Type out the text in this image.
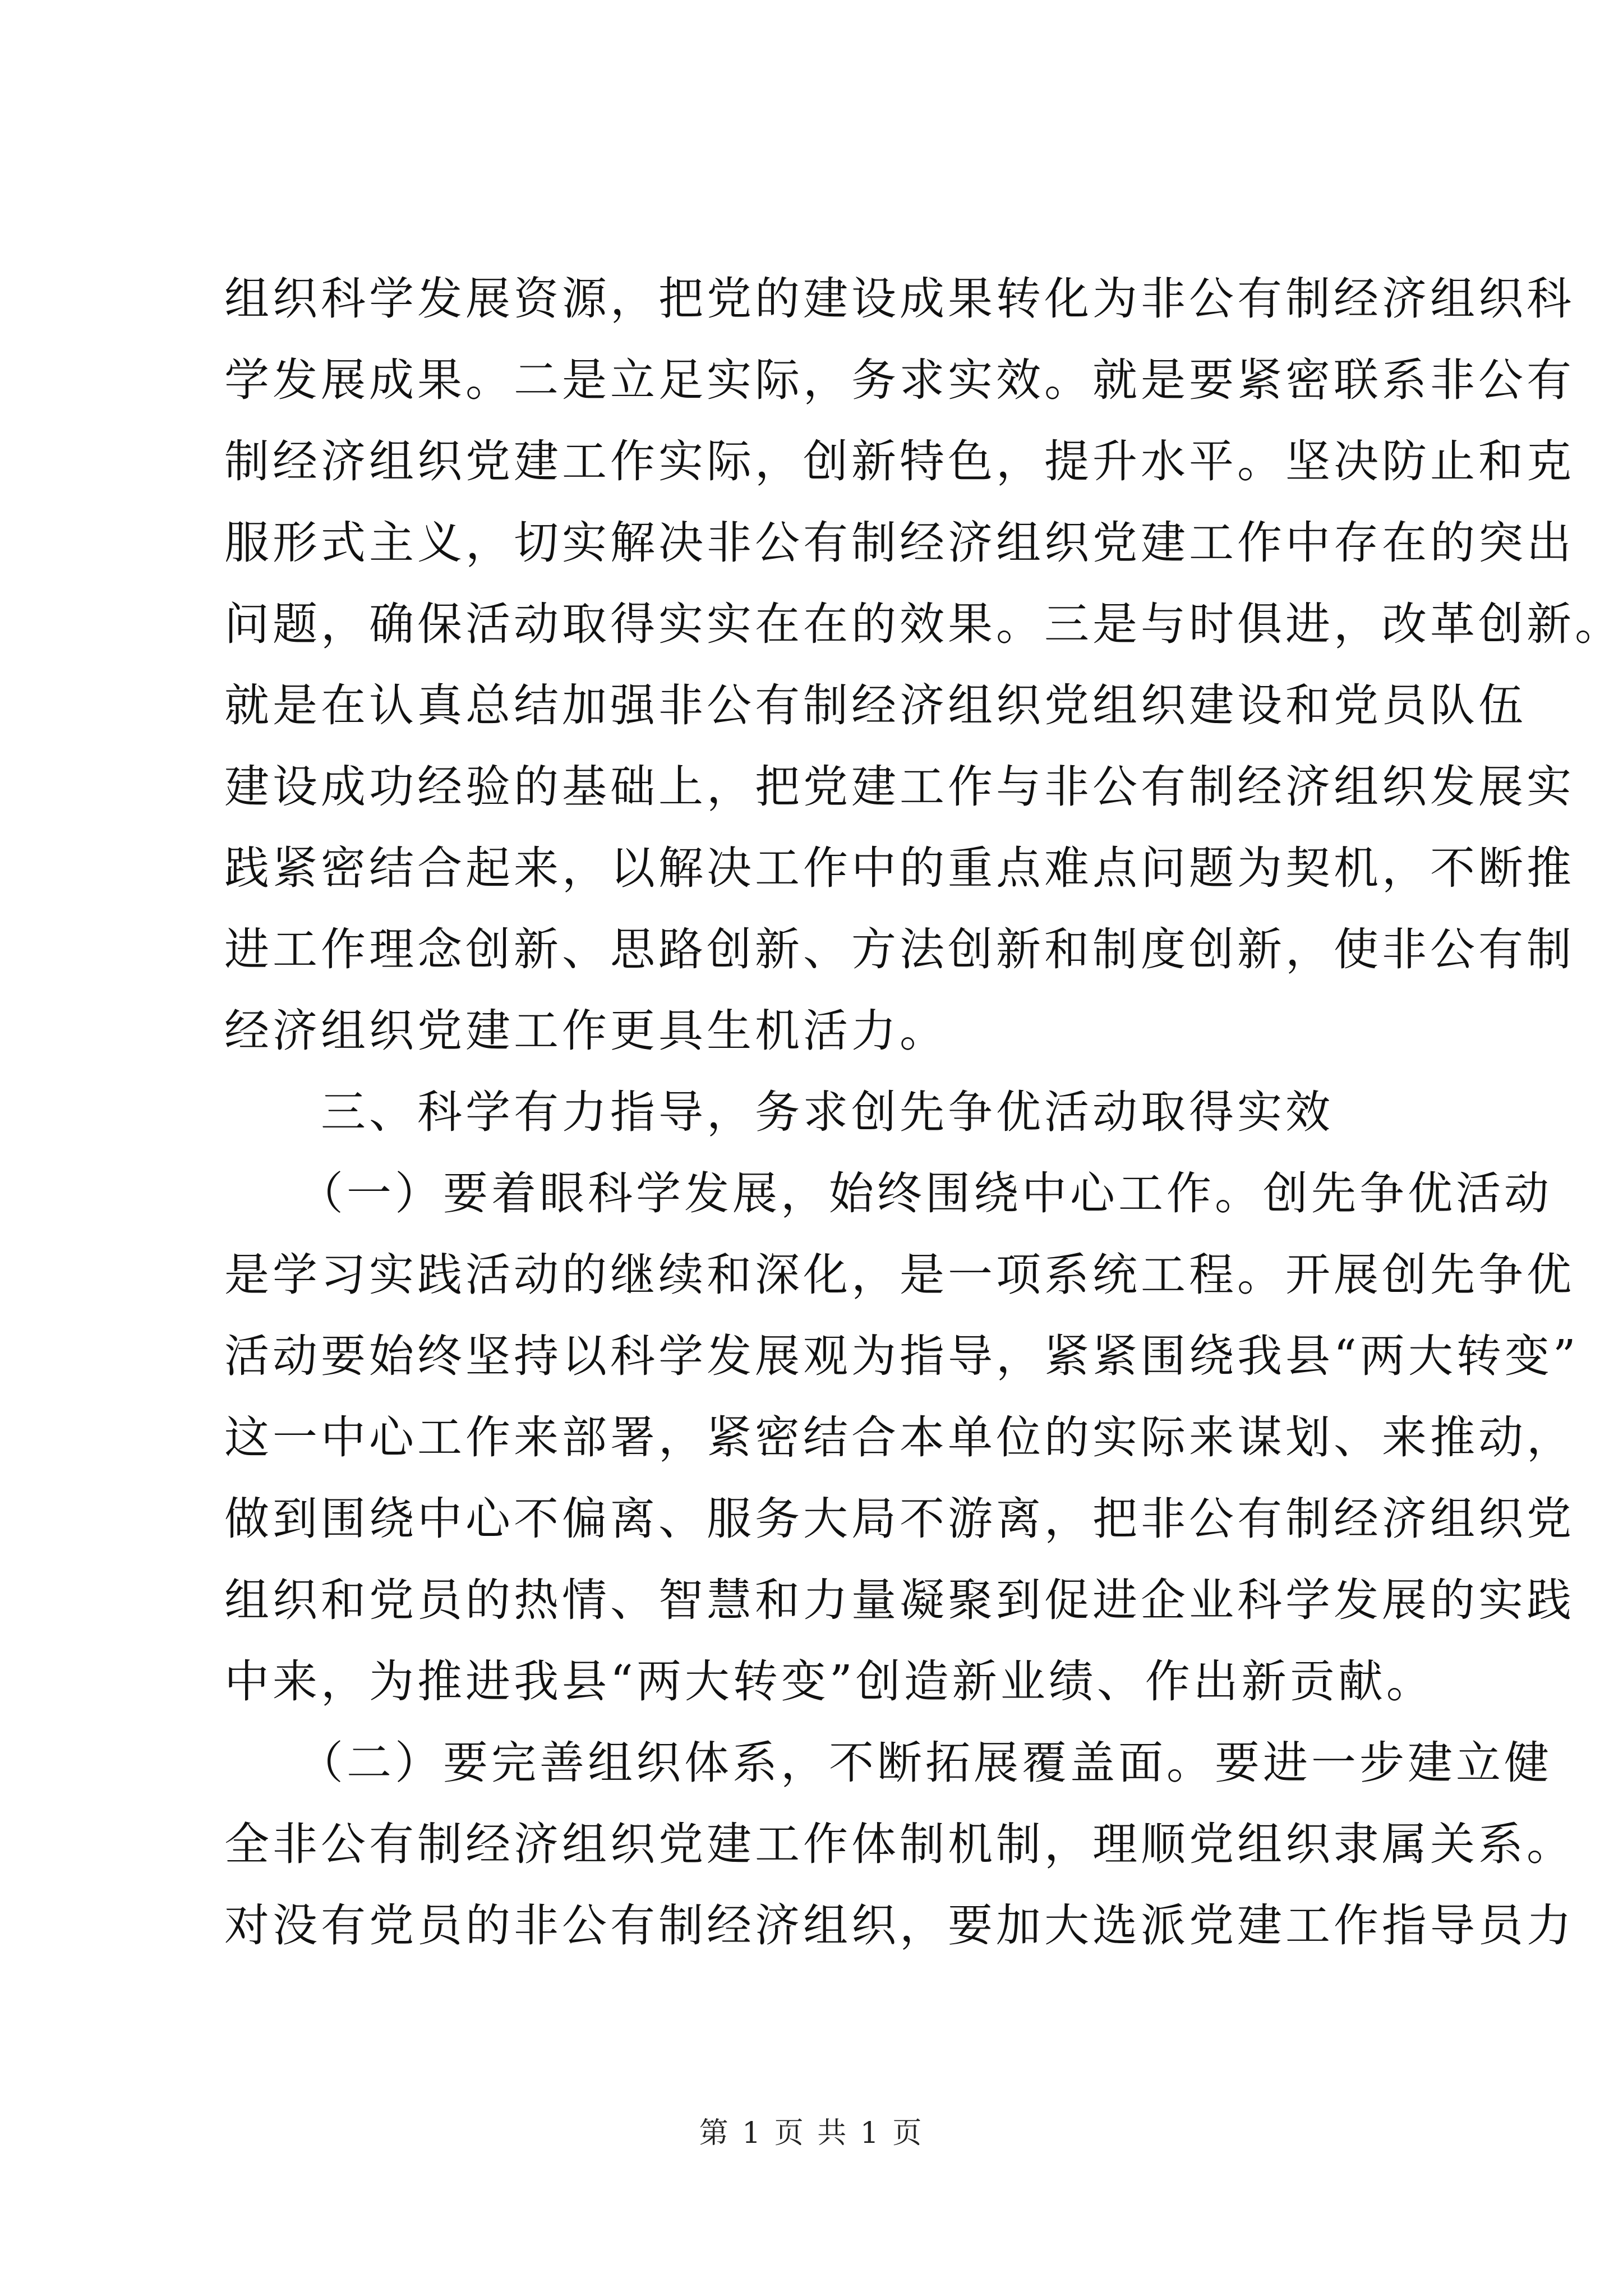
组织科学发展资源，把党的建设成果转化为非公有制经济组织科
学发展成果。二是立足实际，务求实效。就是要紧密联系非公有
制经济组织党建工作实际，创新特色，提升水平。坚决防止和克
服形式主义，切实解决非公有制经济组织党建工作中存在的突出
问题，确保活动取得实实在在的效果。三是与时俱进，改革创新。
就是在认真总结加强非公有制经济组织党组织建设和党员队伍
建设成功经验的基础上，把党建工作与非公有制经济组织发展实
践紧密结合起来，以解决工作中的重点难点问题为契机，不断推
进工作理念创新、思路创新、方法创新和制度创新，使非公有制
经济组织党建工作更具生机活力。
　　三、科学有力指导，务求创先争优活动取得实效
　　（一）要着眼科学发展，始终围绕中心工作。创先争优活动
是学习实践活动的继续和深化，是一项系统工程。开展创先争优
活动要始终坚持以科学发展观为指导，紧紧围绕我县“两大转变”
这一中心工作来部署，紧密结合本单位的实际来谋划、来推动，
做到围绕中心不偏离、服务大局不游离，把非公有制经济组织党
组织和党员的热情、智慧和力量凝聚到促进企业科学发展的实践
中来，为推进我县“两大转变”创造新业绩、作出新贡献。
　　（二）要完善组织体系，不断拓展覆盖面。要进一步建立健
全非公有制经济组织党建工作体制机制，理顺党组织隶属关系。
对没有党员的非公有制经济组织，要加大选派党建工作指导员力
第 1 页 共 1 页
